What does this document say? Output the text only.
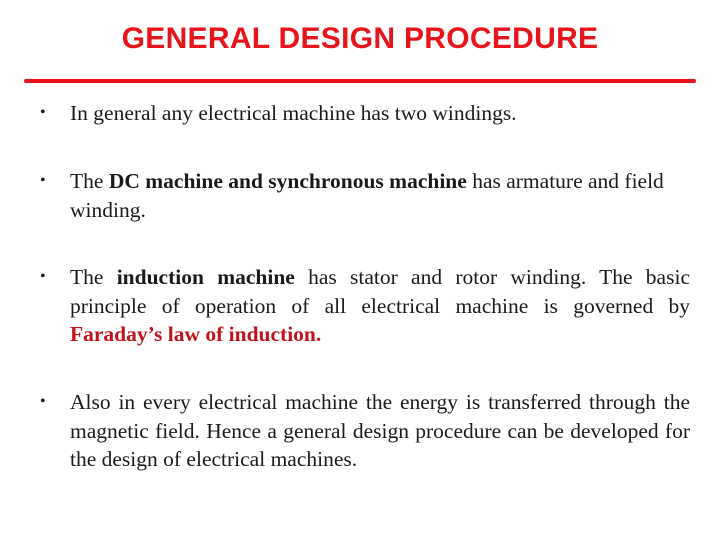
GENERAL DESIGN PROCEDURE
• In general any electrical machine has two windings.
• The DC machine and synchronous machine has armature and field winding.
• The induction machine has stator and rotor winding. The basic principle of operation of all electrical machine is governed by Faraday’s law of induction.
• Also in every electrical machine the energy is transferred through the magnetic field. Hence a general design procedure can be developed for the design of electrical machines.
